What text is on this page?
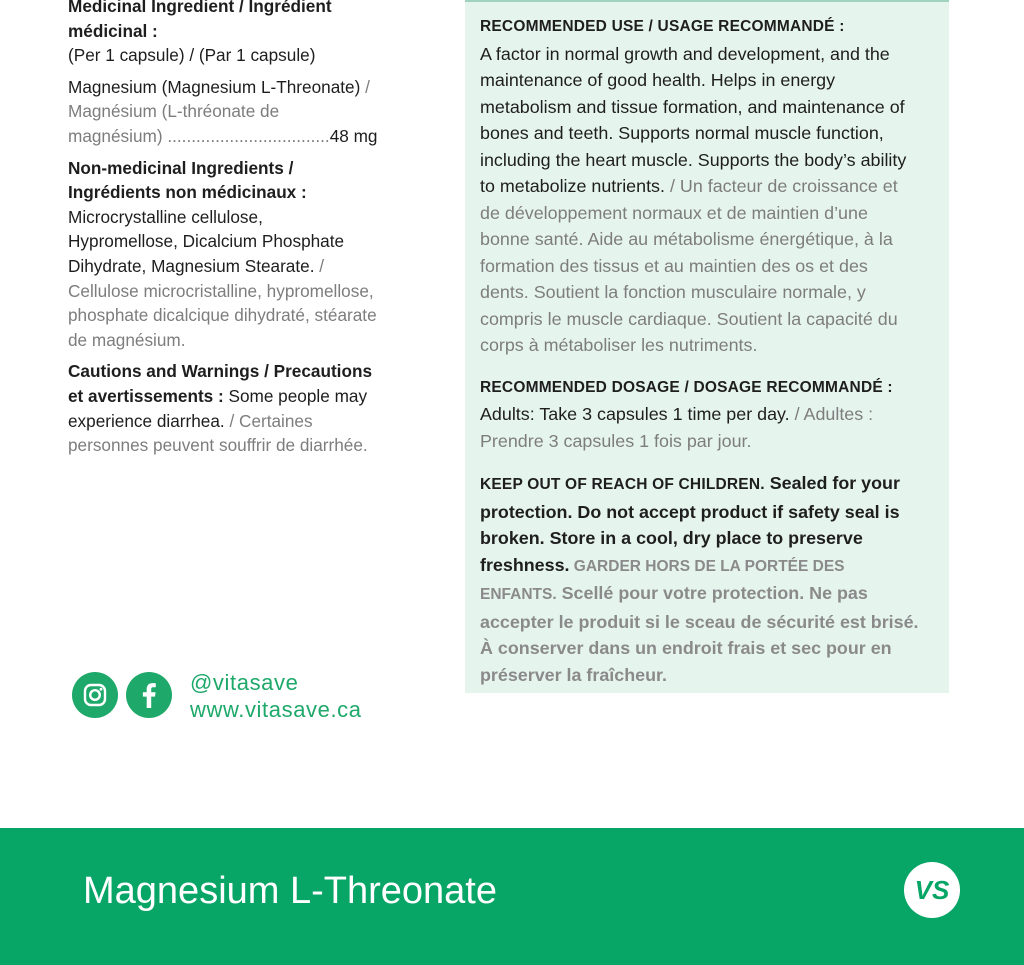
Medicinal Ingredient / Ingrédient
médicinal :

(Per 1 capsule) / (Par 1 capsule)

Magnesium (Magnesium L-Threonate) /
Magnésium (L-thréonate de
magnésium) ..................................48 mg

Non-medicinal Ingredients /
Ingrédients non médicinaux :

Microcrystalline cellulose,
Hypromellose, Dicalcium Phosphate
Dihydrate, Magnesium Stearate. /
Cellulose microcristalline, hypromellose,
phosphate dicalcique dihydraté, stéarate
de magnésium.

Cautions and Warnings / Precautions
et avertissements : Some people may
experience diarrhea. / Certaines
personnes peuvent souffrir de diarrhée.

RECOMMENDED USE / USAGE RECOMMANDÉ :

A factor in normal growth and development, and the
maintenance of good health. Helps in energy
metabolism and tissue formation, and maintenance of
bones and teeth. Supports normal muscle function,
including the heart muscle. Supports the body’s ability
to metabolize nutrients. / Un facteur de croissance et
de développement normaux et de maintien d’une
bonne santé. Aide au métabolisme énergétique, à la
formation des tissus et au maintien des os et des
dents. Soutient la fonction musculaire normale, y
compris le muscle cardiaque. Soutient la capacité du
corps à métaboliser les nutriments.

RECOMMENDED DOSAGE / DOSAGE RECOMMANDÉ :

Adults: Take 3 capsules 1 time per day. / Adultes :
Prendre 3 capsules 1 fois par jour.

KEEP OUT OF REACH OF CHILDREN. Sealed for your
protection. Do not accept product if safety seal is
broken. Store in a cool, dry place to preserve
freshness. GARDER HORS DE LA PORTÉE DES
ENFANTS. Scellé pour votre protection. Ne pas
accepter le produit si le sceau de sécurité est brisé.
À conserver dans un endroit frais et sec pour en
préserver la fraîcheur.

@vitasave
www.vitasave.ca
Magnesium L-Threonate	VS
